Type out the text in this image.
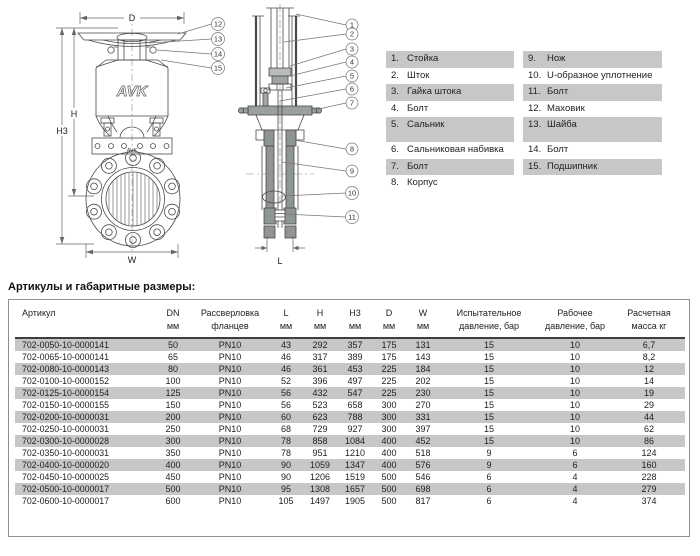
D
AVK
AVK
W
H
H3
12
13
14
15
L
1
2
3
4
5
6
7
8
9
10
11
1. Стойка
2. Шток
3. Гайка штока
4. Болт
5. Сальник
6. Сальниковая набивка
7. Болт
8. Корпус
9.	Нож
10. U-образное уплотнение
11. Болт
12. Маховик
13. Шайба
14. Болт
15. Подшипник
Артикулы и габаритные размеры:
Артикул	DN
мм

Рассверловка
фланцев

L
мм

H
мм

H3
мм

D
мм

W
мм

Испытательное
давление, бар

Рабочее
давление, бар

Расчетная
масса кг

702-0050-10-0000141	50	PN10	43	292	357	175	131	15	10	6,7
702-0065-10-0000141	65	PN10	46	317	389	175	143	15	10	8,2
702-0080-10-0000143	80	PN10	46	361	453	225	184	15	10	12
702-0100-10-0000152	100	PN10	52	396	497	225	202	15	10	14
702-0125-10-0000154	125	PN10	56	432	547	225	230	15	10	19
702-0150-10-0000155	150	PN10	56	523	658	300	270	15	10	29
702-0200-10-0000031	200	PN10	60	623	788	300	331	15	10	44
702-0250-10-0000031	250	PN10	68	729	927	300	397	15	10	62
702-0300-10-0000028	300	PN10	78	858	1084	400	452	15	10	86
702-0350-10-0000031	350	PN10	78	951	1210	400	518	9	6	124
702-0400-10-0000020	400	PN10	90	1059	1347	400	576	9	6	160
702-0450-10-0000025	450	PN10	90	1206	1519	500	546	6	4	228
702-0500-10-0000017	500	PN10	95	1308	1657	500	698	6	4	279
702-0600-10-0000017	600	PN10	105	1497	1905	500	817	6	4	374
